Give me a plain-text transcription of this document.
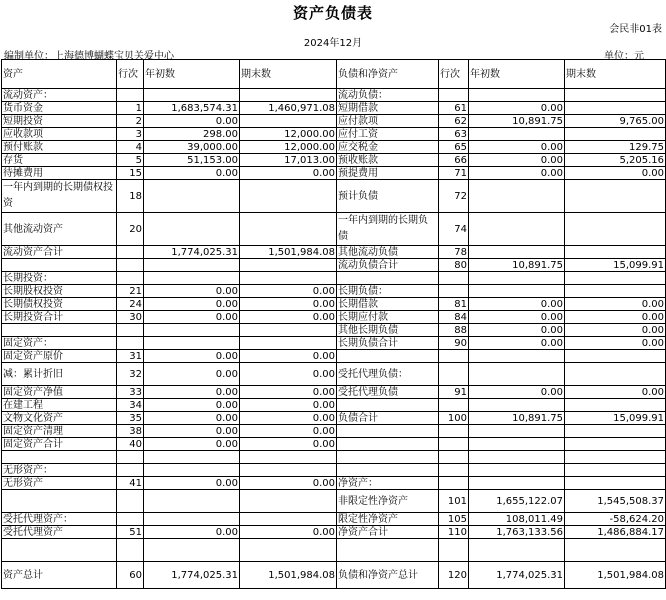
资产负债表
会民非01表
2024年12月
编制单位：上海德博蝴蝶宝贝关爱中心	单位：元
资产	行次	年初数	期末数	负债和净资产	行次	年初数	期末数
流动资产：				流动负债：			
货币资金	1	1,683,574.31	1,460,971.08	短期借款	61	0.00	
短期投资	2	0.00		应付款项	62	10,891.75	9,765.00
应收款项	3	298.00	12,000.00	应付工资	63		
预付账款	4	39,000.00	12,000.00	应交税金	65	0.00	129.75
存货	5	51,153.00	17,013.00	预收账款	66	0.00	5,205.16
待摊费用	15	0.00	0.00	预提费用	71	0.00	0.00
一年内到期的长期债权投资	18			预计负债	72		
其他流动资产	20			一年内到期的长期负债	74		
流动资产合计		1,774,025.31	1,501,984.08	其他流动负债	78		
				流动负债合计	80	10,891.75	15,099.91
长期投资：							
长期股权投资	21	0.00	0.00	长期负债：			
长期债权投资	24	0.00	0.00	长期借款	81	0.00	0.00
长期投资合计	30	0.00	0.00	长期应付款	84	0.00	0.00
				其他长期负债	88	0.00	0.00
固定资产：				长期负债合计	90	0.00	0.00
固定资产原价	31	0.00	0.00				
减：累计折旧	32	0.00	0.00	受托代理负债：			
固定资产净值	33	0.00	0.00	受托代理负债	91	0.00	0.00
在建工程	34	0.00	0.00				
文物文化资产	35	0.00	0.00	负债合计	100	10,891.75	15,099.91
固定资产清理	38	0.00	0.00				
固定资产合计	40	0.00	0.00				

无形资产：							
无形资产	41	0.00	0.00	净资产：			
				非限定性净资产	101	1,655,122.07	1,545,508.37
受托代理资产：				限定性净资产	105	108,011.49	-58,624.20
受托代理资产	51	0.00	0.00	净资产合计	110	1,763,133.56	1,486,884.17

资产总计	60	1,774,025.31	1,501,984.08	负债和净资产总计	120	1,774,025.31	1,501,984.08
